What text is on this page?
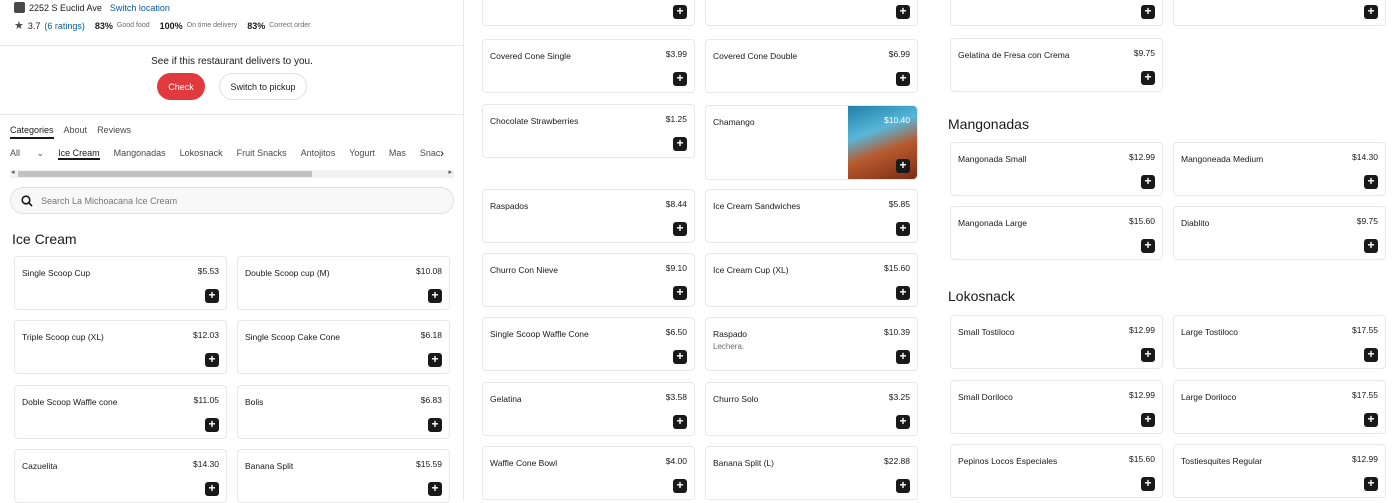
2252 S Euclid Ave Switch location
★ 3.7 (6 ratings) 83% Good food 100% On time delivery 83% Correct order
See if this restaurant delivers to you.
Check	Switch to pickup
Categories About Reviews
All ⌄ Ice Cream Mangonadas Lokosnack Fruit Snacks Antojitos Yogurt Mas Snac ›
◂	▸
Search La Michoacana Ice Cream
Ice Cream
Single Scoop Cup	$5.53
+
Triple Scoop cup (XL)	$12.03
+
Doble Scoop Waffle cone	$11.05
+
Cazuelita	$14.30
+
Double Scoop cup (M)	$10.08
+
Single Scoop Cake Cone	$6.18
+
Bolis	$6.83
+
Banana Split	$15.59
+
Mangonadas
Lokosnack
+
Covered Cone Single	$3.99
+
Chocolate Strawberries	$1.25
+
Raspados	$8.44
+
Churro Con Nieve	$9.10
+
Single Scoop Waffle Cone	$6.50
+
Gelatina	$3.58
+
Waffle Cone Bowl	$4.00
+
+
Covered Cone Double	$6.99
+
Chamango	$10.40
+
Ice Cream Sandwiches	$5.85
+
Ice Cream Cup (XL)	$15.60
+
Raspado	$10.39
Lechera.
+
Churro Solo	$3.25
+
Banana Split (L)	$22.88
+
+
Gelatina de Fresa con Crema	$9.75
+
Mangonada Small	$12.99
+
Mangonada Large	$15.60
+
Small Tostiloco	$12.99
+
Small Doriloco	$12.99
+
Pepinos Locos Especiales	$15.60
+
+
Mangoneada Medium	$14.30
+
Diablito	$9.75
+
Large Tostiloco	$17.55
+
Large Doriloco	$17.55
+
Tostiesquites Regular	$12.99
+
